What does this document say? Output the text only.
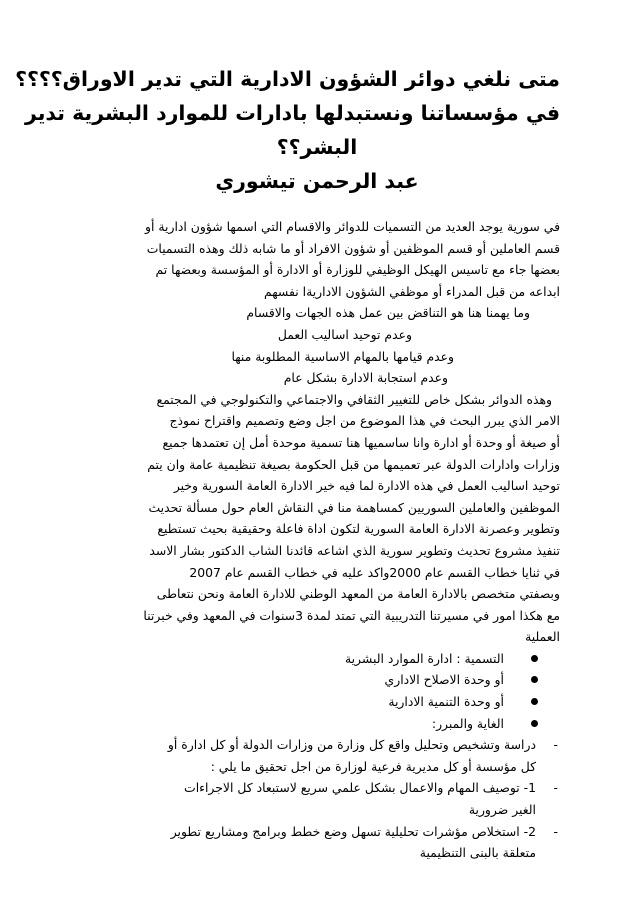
متى نلغي دوائر الشؤون الادارية التي تدير الاوراق؟؟؟؟
في مؤسساتنا ونستبدلها بادارات للموارد البشرية تدير
البشر؟؟

عبد الرحمن تيشوري

في سورية يوجد العديد من التسميات للدوائر والاقسام التي اسمها شؤون ادارية أو
قسم العاملين أو قسم الموظفين أو شؤون الافراد أو ما شابه ذلك وهذه التسميات
بعضها جاء مع تاسيس الهيكل الوظيفي للوزارة أو الادارة أو المؤسسة وبعضها تم
ابداعه من قبل المدراء أو موظفي الشؤون الاداريةا نفسهم
وما يهمنا هنا هو التناقض بين عمل هذه الجهات والاقسام
وعدم توحيد اساليب العمل
وعدم قيامها بالمهام الاساسية المطلوبة منها
وعدم استجابة الادارة بشكل عام
وهذه الدوائر بشكل خاص للتغيير الثقافي والاجتماعي والتكنولوجي في المجتمع
الامر الذي يبرر البحث في هذا الموضوع من اجل وضع وتصميم واقتراح نموذج
أو صيغة أو وحدة أو ادارة وانا ساسميها هنا تسمية موحدة أمل إن تعتمدها جميع
وزارات وادارات الدولة عبر تعميمها من قبل الحكومة بصيغة تنظيمية عامة وان يتم
توحيد اساليب العمل في هذه الادارة لما فيه خير الادارة العامة السورية وخير
الموظفين والعاملين السوريين كمساهمة منا في النقاش العام حول مسألة تحديث
وتطوير وعصرنة الادارة العامة السورية لتكون اداة فاعلة وحقيقية بحيث تستطيع
تنفيذ مشروع تحديث وتطوير سورية الذي اشاعه قائدنا الشاب الدكتور بشار الاسد
في ثنايا خطاب القسم عام 2000واكد عليه في خطاب القسم عام 2007
وبصفتي متخصص بالادارة العامة من المعهد الوطني للادارة العامة ونحن نتعاطى
مع هكذا امور في مسيرتنا التدريبية التي تمتد لمدة 3سنوات في المعهد وفي خبرتنا
العملية
التسمية : ادارة الموارد البشرية
أو وحدة الاصلاح الاداري
أو وحدة التنمية الادارية
الغاية والمبرر:
-
دراسة وتشخيص وتحليل واقع كل وزارة من وزارات الدولة أو كل ادارة أو
كل مؤسسة أو كل مديرية فرعية لوزارة من اجل تحقيق ما يلي :
-
1- توصيف المهام والاعمال بشكل علمي سريع لاستبعاد كل الاجراءات
الغير ضرورية
-
2- استخلاص مؤشرات تحليلية تسهل وضع خطط وبرامج ومشاريع تطوير
متعلقة بالبنى التنظيمية
